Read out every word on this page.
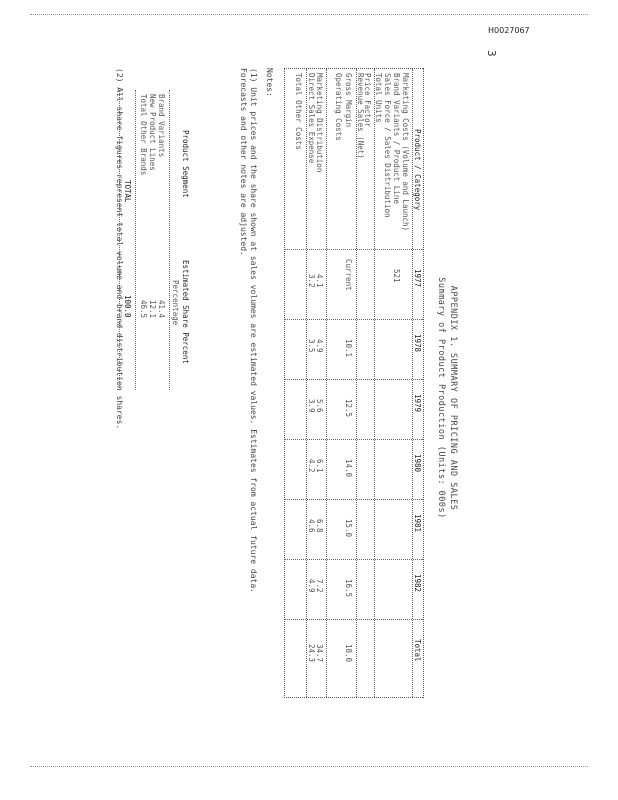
H0027067
3
APPENDIX 1. SUMMARY OF PRICING AND SALES
Summary of Product Production (Units: 000s)
Product / Category
1977
1978
1979
1980
1981
1982
Total
Marketing Costs (Volume and Launch)
Brand Variants / Product Line
Sales Force / Sales Distribution
Total Units
Price Factor
Revenue Sales (Net)
Gross Margin
Operating Costs
Marketing Distribution
Direct Sales Expense
Total Other Costs
521
Current
10.1
12.5
14.0
15.0
16.5
18.0
4.1
4.9
5.6
6.1
6.8
7.2
34.7
3.2
3.5
3.9
4.2
4.6
4.9
24.3
Notes:
(1) Unit prices and the share shown at sales volumes are estimated values. Estimates from actual future data.
Forecasts and other notes are adjusted.
(2) All share figures represent total volume and brand distribution shares.	Product Segment
Estimated Share Percent
Percentage
Brand Variants
41.4
New Product Lines
12.1
Total Other Brands
46.5
TOTAL
100.0
